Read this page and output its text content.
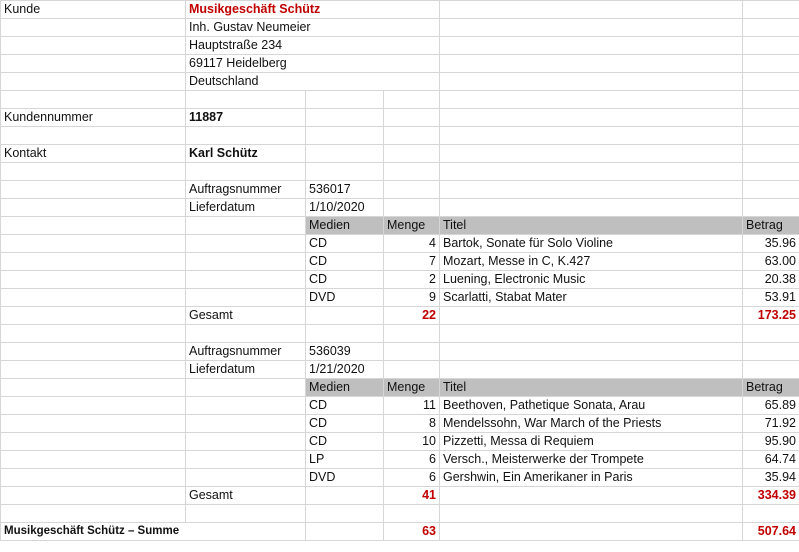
Kunde	Musikgeschäft Schütz				
	Inh. Gustav Neumeier				
	Hauptstraße 234				
	69117 Heidelberg				
	Deutschland				

Kundennummer	11887				

Kontakt	Karl Schütz				

	Auftragsnummer	536017			
	Lieferdatum	1/10/2020			
		Medien	Menge	Titel	Betrag
		CD	4	Bartok, Sonate für Solo Violine	35.96
		CD	7	Mozart, Messe in C, K.427	63.00
		CD	2	Luening, Electronic Music	20.38
		DVD	9	Scarlatti, Stabat Mater	53.91
	Gesamt		22		173.25

	Auftragsnummer	536039			
	Lieferdatum	1/21/2020			
		Medien	Menge	Titel	Betrag
		CD	11	Beethoven, Pathetique Sonata, Arau	65.89
		CD	8	Mendelssohn, War March of the Priests	71.92
		CD	10	Pizzetti, Messa di Requiem	95.90
		LP	6	Versch., Meisterwerke der Trompete	64.74
		DVD	6	Gershwin, Ein Amerikaner in Paris	35.94
	Gesamt		41		334.39

Musikgeschäft Schütz – Summe			63		507.64
